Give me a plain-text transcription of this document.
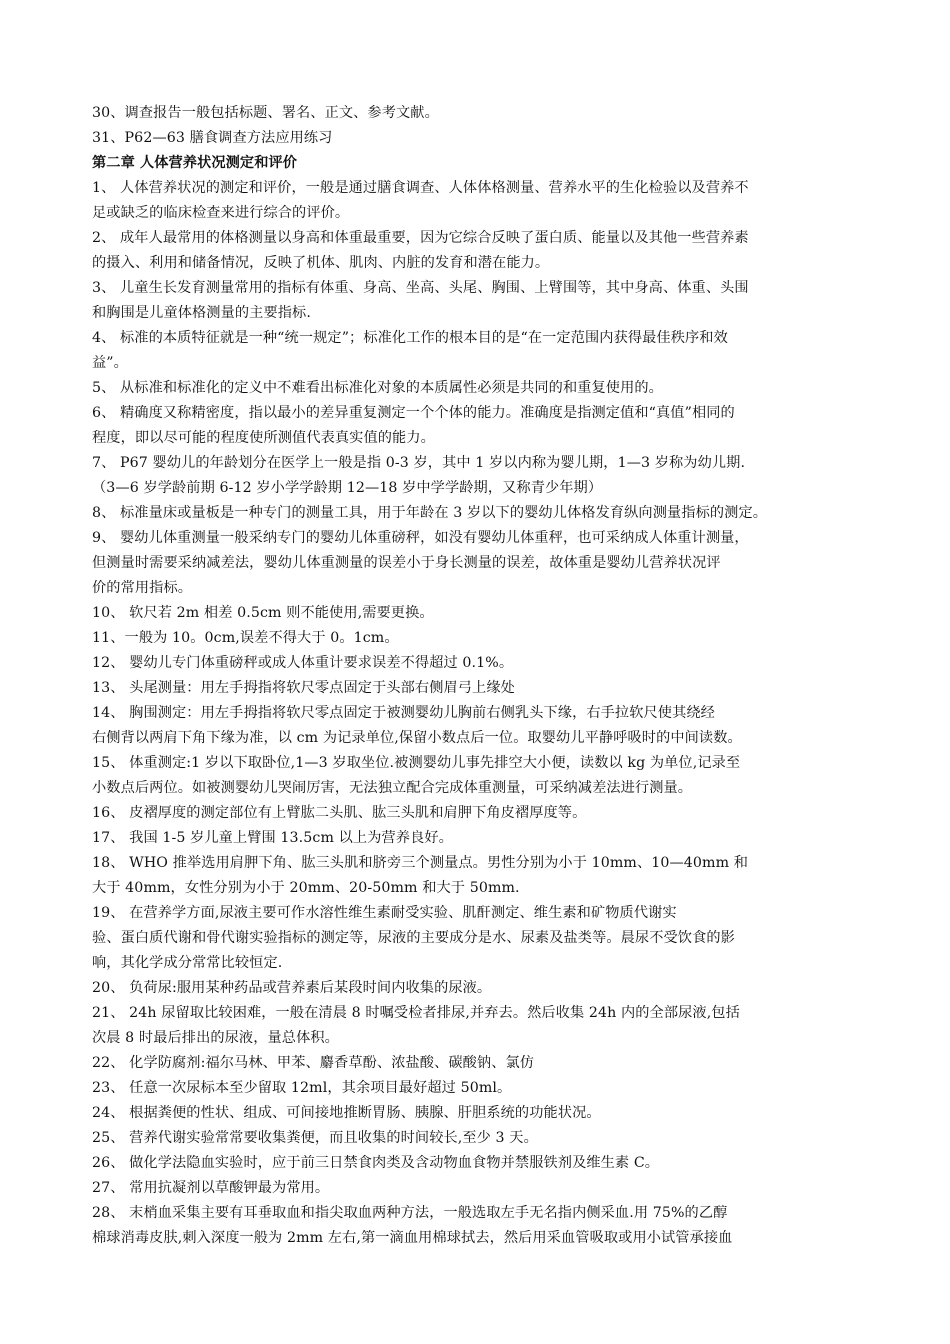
30、调查报告一般包括标题、署名、正文、参考文献。
31、P62—63 膳食调查方法应用练习
第二章 人体营养状况测定和评价
1、 人体营养状况的测定和评价，一般是通过膳食调查、人体体格测量、营养水平的生化检验以及营养不
足或缺乏的临床检查来进行综合的评价。
2、 成年人最常用的体格测量以身高和体重最重要，因为它综合反映了蛋白质、能量以及其他一些营养素
的摄入、利用和储备情况，反映了机体、肌肉、内脏的发育和潜在能力。
3、 儿童生长发育测量常用的指标有体重、身高、坐高、头尾、胸围、上臂围等，其中身高、体重、头围
和胸围是儿童体格测量的主要指标.
4、 标准的本质特征就是一种“统一规定”；标准化工作的根本目的是“在一定范围内获得最佳秩序和效
益”。
5、 从标准和标准化的定义中不难看出标准化对象的本质属性必须是共同的和重复使用的。
6、 精确度又称精密度，指以最小的差异重复测定一个个体的能力。准确度是指测定值和“真值”相同的
程度，即以尽可能的程度使所测值代表真实值的能力。
7、 P67 婴幼儿的年龄划分在医学上一般是指 0-3 岁，其中 1 岁以内称为婴儿期，1—3 岁称为幼儿期.
（3—6 岁学龄前期 6-12 岁小学学龄期 12—18 岁中学学龄期，又称青少年期）
8、 标准量床或量板是一种专门的测量工具，用于年龄在 3 岁以下的婴幼儿体格发育纵向测量指标的测定。
9、 婴幼儿体重测量一般采纳专门的婴幼儿体重磅秤，如没有婴幼儿体重秤，也可采纳成人体重计测量，
但测量时需要采纳减差法，婴幼儿体重测量的误差小于身长测量的误差，故体重是婴幼儿营养状况评
价的常用指标。
10、 软尺若 2m 相差 0.5cm 则不能使用,需要更换。
11、一般为 10。0cm,误差不得大于 0。1cm。
12、 婴幼儿专门体重磅秤或成人体重计要求误差不得超过 0.1%。
13、 头尾测量：用左手拇指将软尺零点固定于头部右侧眉弓上缘处
14、 胸围测定：用左手拇指将软尺零点固定于被测婴幼儿胸前右侧乳头下缘，右手拉软尺使其绕经
右侧背以两肩下角下缘为准，以 cm 为记录单位,保留小数点后一位。取婴幼儿平静呼吸时的中间读数。
15、 体重测定:1 岁以下取卧位,1—3 岁取坐位.被测婴幼儿事先排空大小便，读数以 kg 为单位,记录至
小数点后两位。如被测婴幼儿哭闹厉害，无法独立配合完成体重测量，可采纳减差法进行测量。
16、 皮褶厚度的测定部位有上臂肱二头肌、肱三头肌和肩胛下角皮褶厚度等。
17、 我国 1-5 岁儿童上臂围 13.5cm 以上为营养良好。
18、 WHO 推举选用肩胛下角、肱三头肌和脐旁三个测量点。男性分别为小于 10mm、10—40mm 和
大于 40mm，女性分别为小于 20mm、20-50mm 和大于 50mm.
19、 在营养学方面,尿液主要可作水溶性维生素耐受实验、肌酐测定、维生素和矿物质代谢实
验、蛋白质代谢和骨代谢实验指标的测定等，尿液的主要成分是水、尿素及盐类等。晨尿不受饮食的影
响，其化学成分常常比较恒定.
20、 负荷尿:服用某种药品或营养素后某段时间内收集的尿液。
21、 24h 尿留取比较困难，一般在清晨 8 时嘱受检者排尿,并弃去。然后收集 24h 内的全部尿液,包括
次晨 8 时最后排出的尿液，量总体积。
22、 化学防腐剂:福尔马林、甲苯、麝香草酚、浓盐酸、碳酸钠、氯仿
23、 任意一次尿标本至少留取 12ml，其余项目最好超过 50ml。
24、 根据粪便的性状、组成、可间接地推断胃肠、胰腺、肝胆系统的功能状况。
25、 营养代谢实验常常要收集粪便，而且收集的时间较长,至少 3 天。
26、 做化学法隐血实验时，应于前三日禁食肉类及含动物血食物并禁服铁剂及维生素 C。
27、 常用抗凝剂以草酸钾最为常用。
28、 末梢血采集主要有耳垂取血和指尖取血两种方法，一般选取左手无名指内侧采血.用 75%的乙醇
棉球消毒皮肤,刺入深度一般为 2mm 左右,第一滴血用棉球拭去，然后用采血管吸取或用小试管承接血
